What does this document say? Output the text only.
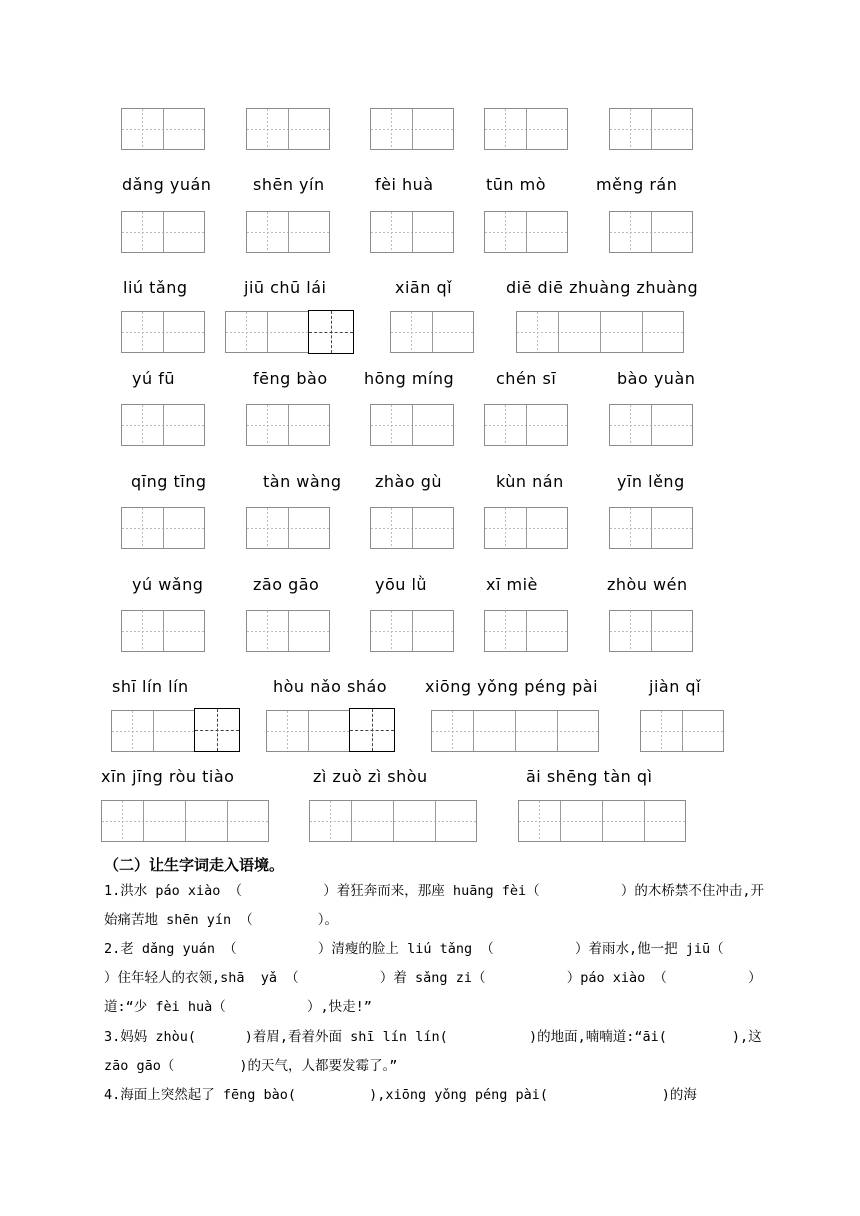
dǎng yuán	shēn yín	fèi huà	tūn mò	měng rán
liú tǎng	jiū chū lái	xiān qǐ	diē diē zhuàng zhuàng
yú fū	fēng bào hōng míng	chén sī	bào yuàn
qīng tīng	tàn wàng zhào gù	kùn nán	yīn lěng
yú wǎng	zāo gāo	yōu lǜ	xī miè	zhòu wén
shī lín lín	hòu nǎo sháo xiōng yǒng péng pài	jiàn qǐ
xīn jīng ròu tiào	zì zuò zì shòu	āi shēng tàn qì
（二）让生字词走入语境。
1.洪水 páo xiào （          ）着狂奔而来，那座 huāng fèi（          ）的木桥禁不住冲击,开始痛苦地 shēn yín （        ）。
2.老 dǎng yuán （          ）清瘦的脸上 liú tǎng （          ）着雨水,他一把 jiū（      ）住年轻人的衣领,shā  yǎ （          ）着 sǎng zi（          ）páo xiào （          ）道:“少 fèi huà（          ）,快走!”
3.妈妈 zhòu(      )着眉,看着外面 shī lín lín(          )的地面,喃喃道:“āi(        ),这 zāo gāo（        )的天气，人都要发霉了。”
4.海面上突然起了 fēng bào(         ),xiōng yǒng péng pài(              )的海
